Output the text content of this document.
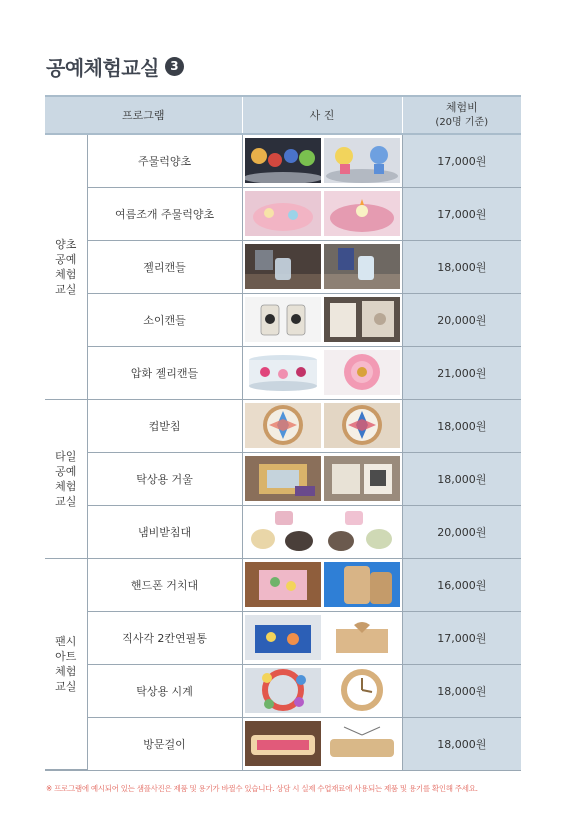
공예체험교실 3
프로그램		사 진	체험비
(20명 기준)

양초
공예
체험
교실	주물럭양초		17,000원
	여름조개 주물럭양초		17,000원
	젤리캔들		18,000원
	소이캔들		20,000원
	압화 젤리캔들		21,000원

타일
공예
체험
교실	컵받침		18,000원
	탁상용 거울		18,000원
	냄비받침대		20,000원

팬시
아트
체험
교실	핸드폰 거치대		16,000원
	직사각 2칸연필통		17,000원
	탁상용 시계		18,000원
	방문걸이		18,000원
※ 프로그램에 예시되어 있는 샘플사진은 제품 및 용기가 바뀔수 있습니다. 상담 시 실제 수업재료에 사용되는 제품 및 용기를 확인해 주세요.
